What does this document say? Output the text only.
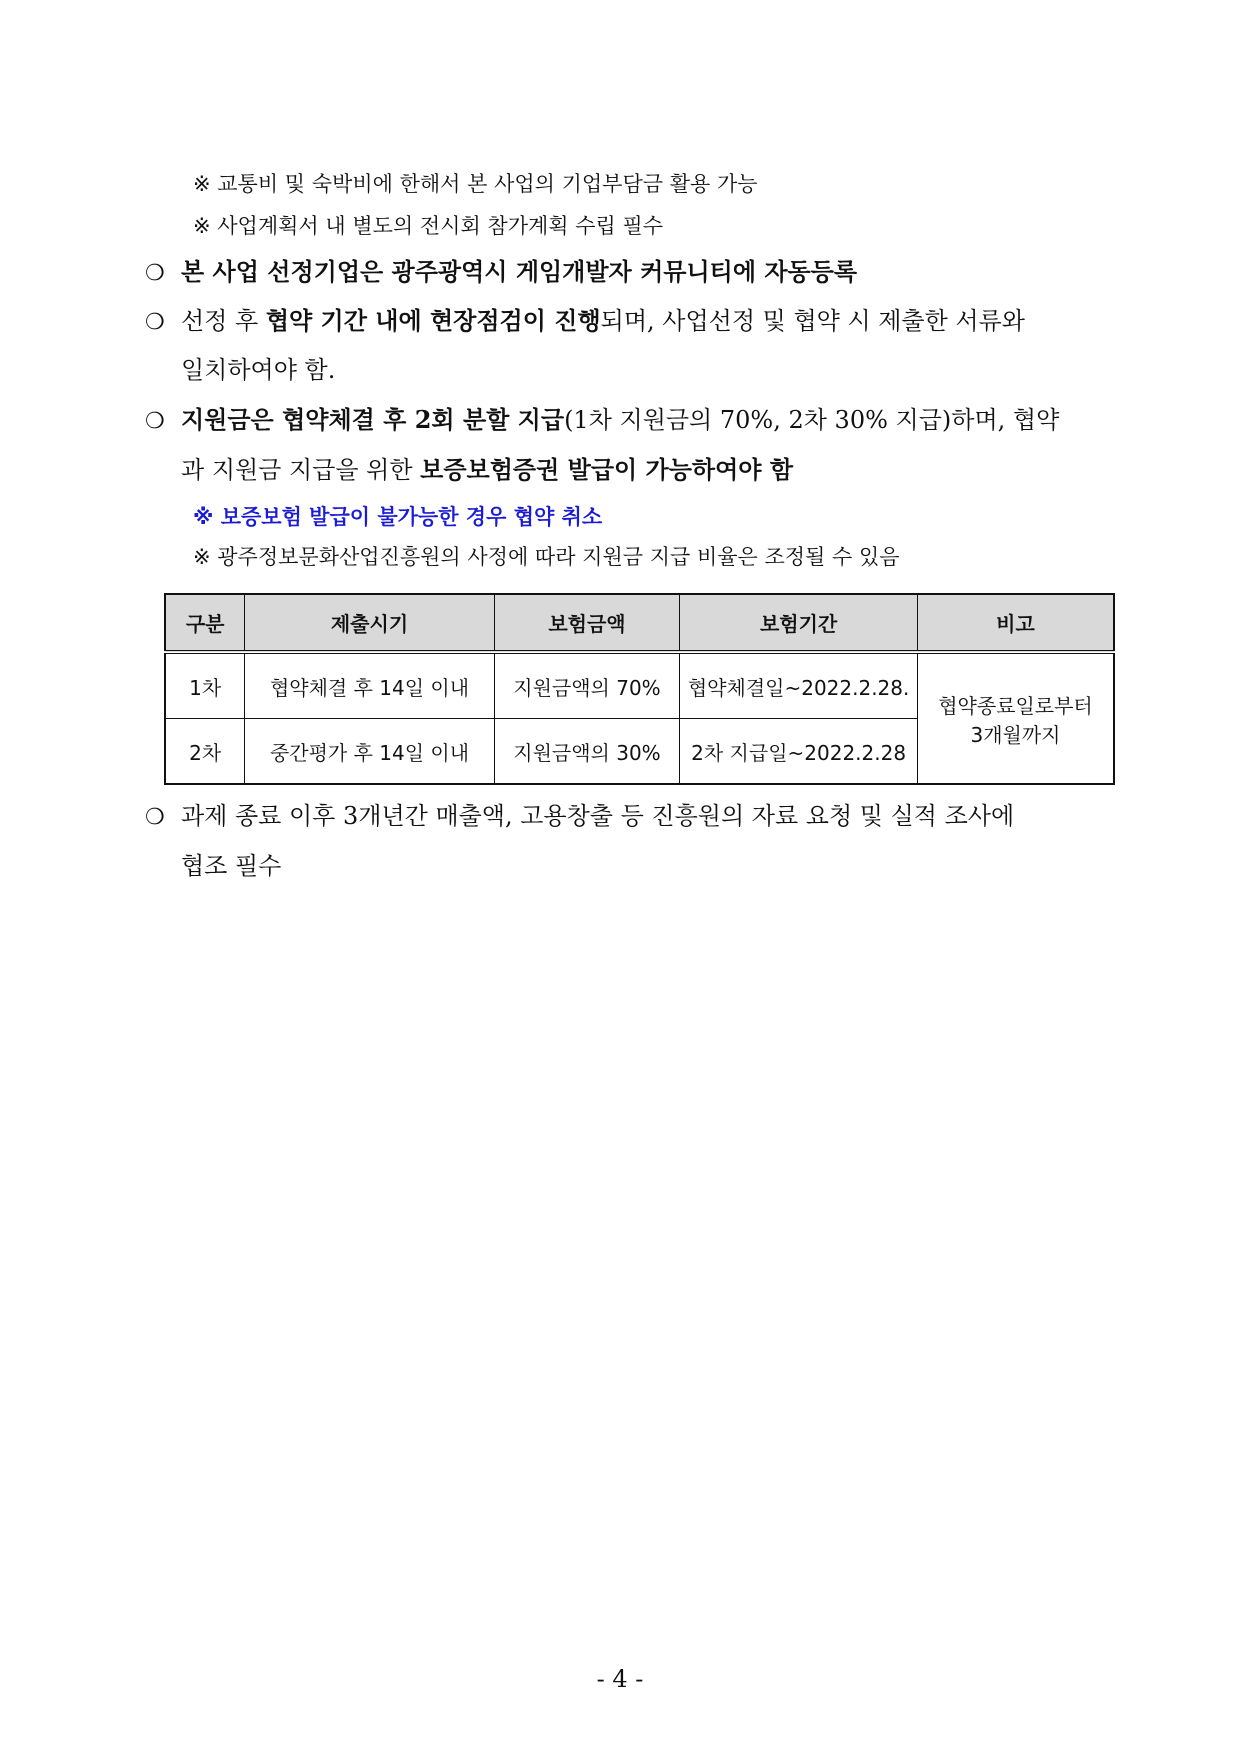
※ 교통비 및 숙박비에 한해서 본 사업의 기업부담금 활용 가능
※ 사업계획서 내 별도의 전시회 참가계획 수립 필수
❍ 본 사업 선정기업은 광주광역시 게임개발자 커뮤니티에 자동등록
❍ 선정 후 협약 기간 내에 현장점검이 진행되며, 사업선정 및 협약 시 제출한 서류와
일치하여야 함.
❍ 지원금은 협약체결 후 2회 분할 지급(1차 지원금의 70%, 2차 30% 지급)하며, 협약
과 지원금 지급을 위한 보증보험증권 발급이 가능하여야 함
※ 보증보험 발급이 불가능한 경우 협약 취소
※ 광주정보문화산업진흥원의 사정에 따라 지원금 지급 비율은 조정될 수 있음
구분	제출시기	보험금액	보험기간	비고
1차	협약체결 후 14일 이내	지원금액의 70%	협약체결일~2022.2.28.	협약종료일로부터
3개월까지

2차	중간평가 후 14일 이내	지원금액의 30%	2차 지급일~2022.2.28	
❍ 과제 종료 이후 3개년간 매출액, 고용창출 등 진흥원의 자료 요청 및 실적 조사에
협조 필수
- 4 -
